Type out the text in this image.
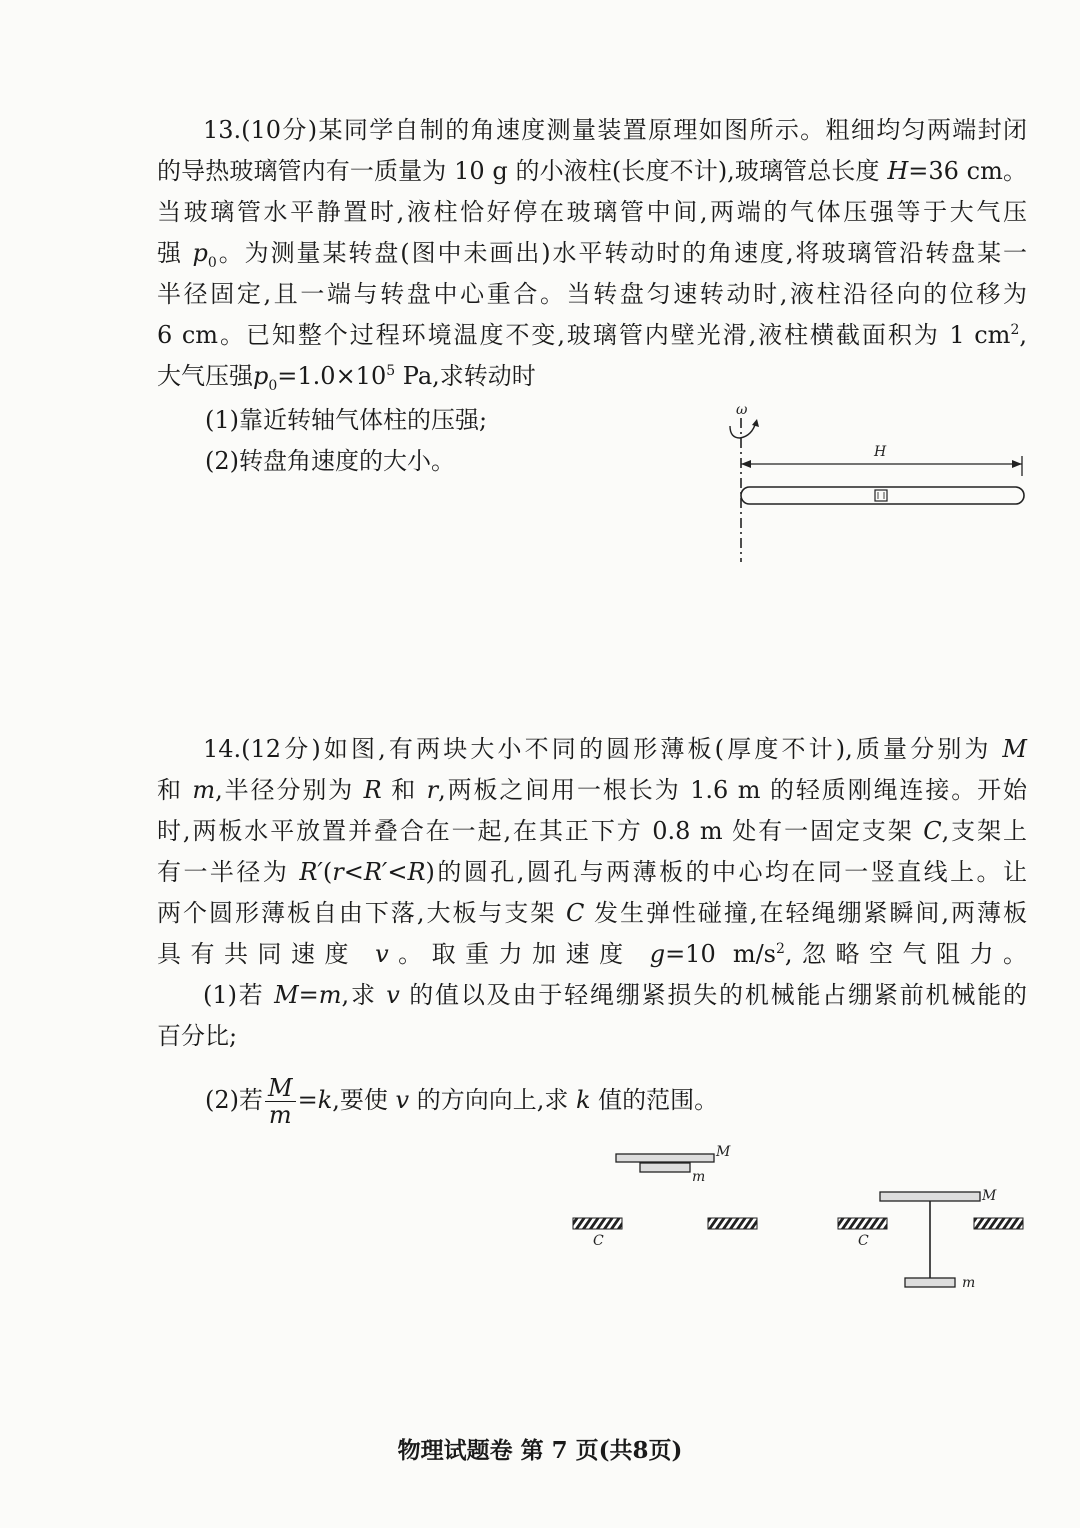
13.(10分)某同学自制的角速度测量装置原理如图所示。粗细均匀两端封闭
的导热玻璃管内有一质量为 10 g 的小液柱(长度不计),玻璃管总长度 H=36 cm。
当玻璃管水平静置时,液柱恰好停在玻璃管中间,两端的气体压强等于大气压
强 $p_0$。为测量某转盘(图中未画出)水平转动时的角速度,将玻璃管沿转盘某一
半径固定,且一端与转盘中心重合。当转盘匀速转动时,液柱沿径向的位移为
6 cm。已知整个过程环境温度不变,玻璃管内壁光滑,液柱横截面积为 1 $cm^2$,
大气压强$p_0=1.0\times 10^5$ Pa,求转动时
(1)靠近转轴气体柱的压强;
(2)转盘角速度的大小。
ω
H
14.(12分)如图,有两块大小不同的圆形薄板(厚度不计),质量分别为 M
和 m,半径分别为 R 和 r,两板之间用一根长为 1.6 m 的轻质刚绳连接。开始
时,两板水平放置并叠合在一起,在其正下方 0.8 m 处有一固定支架 C,支架上
有一半径为 R′(r<R′<R)的圆孔,圆孔与两薄板的中心均在同一竖直线上。让
两个圆形薄板自由下落,大板与支架 C 发生弹性碰撞,在轻绳绷紧瞬间,两薄板
具有共同速度 v。取重力加速度 g=10 $m/s^2$,忽略空气阻力。
(1)若 M=m,求 v 的值以及由于轻绳绷紧损失的机械能占绷紧前机械能的
百分比;
(2)若 $\frac{M}{m} =k$,要使 v 的方向向上,求 k 值的范围。
M
m
C
M
m
C
物理试题卷 第 7 页(共8页)
